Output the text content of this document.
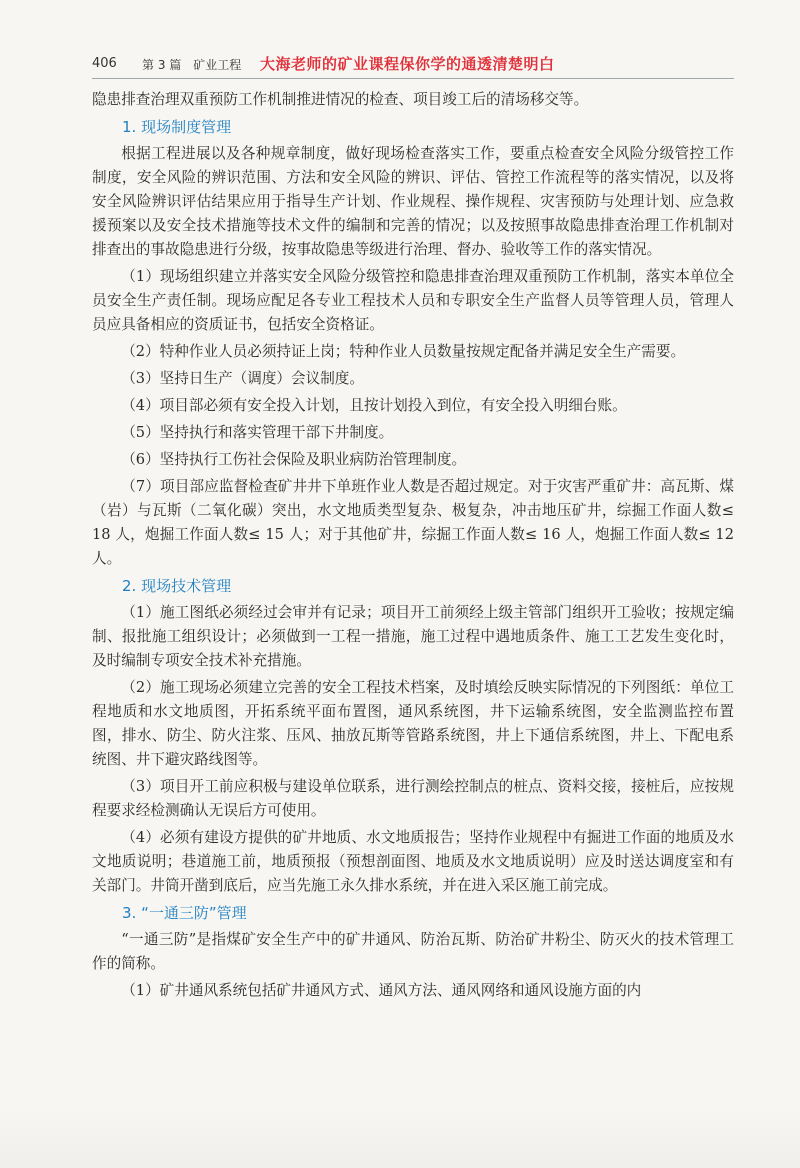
406 第 3 篇　矿业工程 大海老师的矿业课程保你学的通透清楚明白

隐患排查治理双重预防工作机制推进情况的检查、项目竣工后的清场移交等。

1. 现场制度管理

根据工程进展以及各种规章制度，做好现场检查落实工作，要重点检查安全风险分级管控工作制度，安全风险的辨识范围、方法和安全风险的辨识、评估、管控工作流程等的落实情况，以及将安全风险辨识评估结果应用于指导生产计划、作业规程、操作规程、灾害预防与处理计划、应急救援预案以及安全技术措施等技术文件的编制和完善的情况；以及按照事故隐患排查治理工作机制对排查出的事故隐患进行分级，按事故隐患等级进行治理、督办、验收等工作的落实情况。

（1）现场组织建立并落实安全风险分级管控和隐患排查治理双重预防工作机制，落实本单位全员安全生产责任制。现场应配足各专业工程技术人员和专职安全生产监督人员等管理人员，管理人员应具备相应的资质证书，包括安全资格证。

（2）特种作业人员必须持证上岗；特种作业人员数量按规定配备并满足安全生产需要。

（3）坚持日生产（调度）会议制度。

（4）项目部必须有安全投入计划，且按计划投入到位，有安全投入明细台账。

（5）坚持执行和落实管理干部下井制度。

（6）坚持执行工伤社会保险及职业病防治管理制度。

（7）项目部应监督检查矿井井下单班作业人数是否超过规定。对于灾害严重矿井：高瓦斯、煤（岩）与瓦斯（二氧化碳）突出，水文地质类型复杂、极复杂，冲击地压矿井，综掘工作面人数≤ 18 人，炮掘工作面人数≤ 15 人；对于其他矿井，综掘工作面人数≤ 16 人，炮掘工作面人数≤ 12 人。

2. 现场技术管理

（1）施工图纸必须经过会审并有记录；项目开工前须经上级主管部门组织开工验收；按规定编制、报批施工组织设计；必须做到一工程一措施，施工过程中遇地质条件、施工工艺发生变化时，及时编制专项安全技术补充措施。

（2）施工现场必须建立完善的安全工程技术档案，及时填绘反映实际情况的下列图纸：单位工程地质和水文地质图，开拓系统平面布置图，通风系统图，井下运输系统图，安全监测监控布置图，排水、防尘、防火注浆、压风、抽放瓦斯等管路系统图，井上下通信系统图，井上、下配电系统图、井下避灾路线图等。

（3）项目开工前应积极与建设单位联系，进行测绘控制点的桩点、资料交接，接桩后，应按规程要求经检测确认无误后方可使用。

（4）必须有建设方提供的矿井地质、水文地质报告；坚持作业规程中有掘进工作面的地质及水文地质说明；巷道施工前，地质预报（预想剖面图、地质及水文地质说明）应及时送达调度室和有关部门。井筒开凿到底后，应当先施工永久排水系统，并在进入采区施工前完成。

3. “一通三防”管理

“一通三防”是指煤矿安全生产中的矿井通风、防治瓦斯、防治矿井粉尘、防灭火的技术管理工作的简称。

（1）矿井通风系统包括矿井通风方式、通风方法、通风网络和通风设施方面的内
